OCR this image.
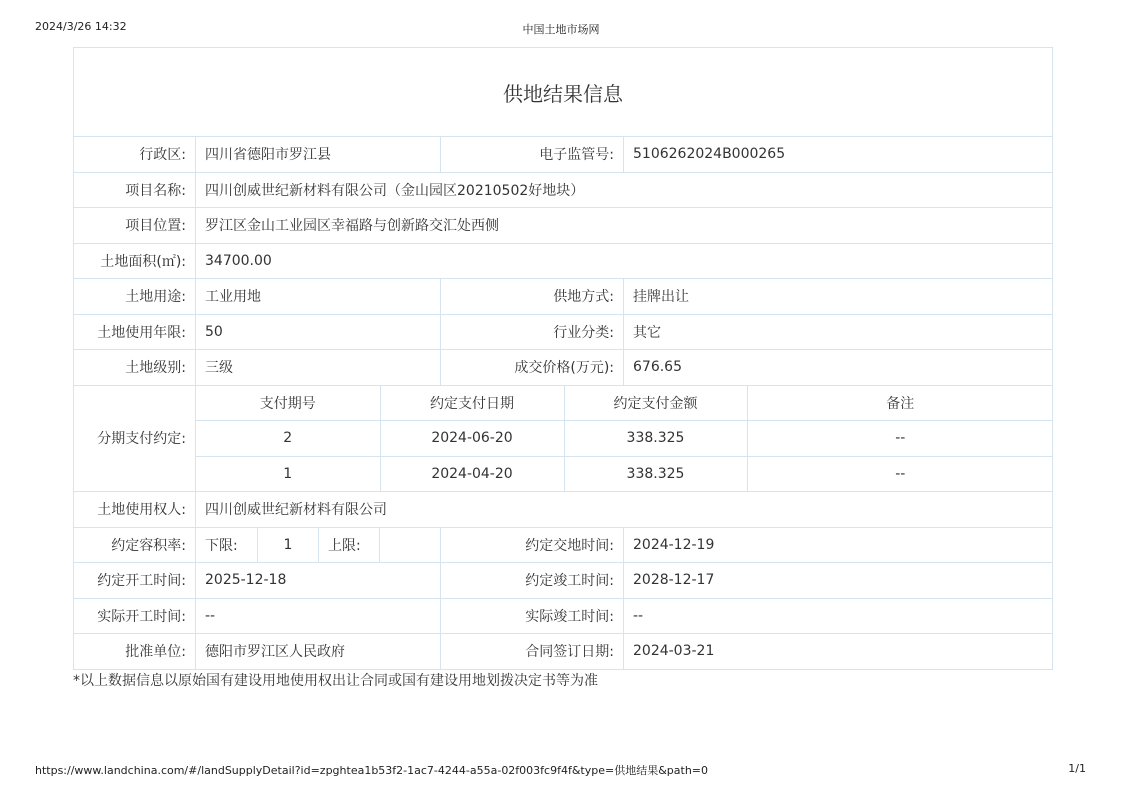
2024/3/26 14:32	中国土地市场网
供地结果信息
行政区:	四川省德阳市罗江县	电子监管号:	5106262024B000265
项目名称:	四川创威世纪新材料有限公司（金山园区20210502好地块）
项目位置:	罗江区金山工业园区幸福路与创新路交汇处西侧
土地面积(㎡):	34700.00
土地用途:	工业用地	供地方式:	挂牌出让
土地使用年限:	50	行业分类:	其它
土地级别:	三级	成交价格(万元):	676.65
分期支付约定:	
支付期号	约定支付日期	约定支付金额	备注
2	2024-06-20	338.325	--
1	2024-04-20	338.325	--

土地使用权人:	四川创威世纪新材料有限公司
约定容积率:	下限:	1	上限:		约定交地时间:	2024-12-19
约定开工时间:	2025-12-18	约定竣工时间:	2028-12-17
实际开工时间:	--	实际竣工时间:	--
批准单位:	德阳市罗江区人民政府	合同签订日期:	2024-03-21
*以上数据信息以原始国有建设用地使用权出让合同或国有建设用地划拨决定书等为准
https://www.landchina.com/#/landSupplyDetail?id=zpghtea1b53f2-1ac7-4244-a55a-02f003fc9f4f&type=供地结果&path=0	1/1
